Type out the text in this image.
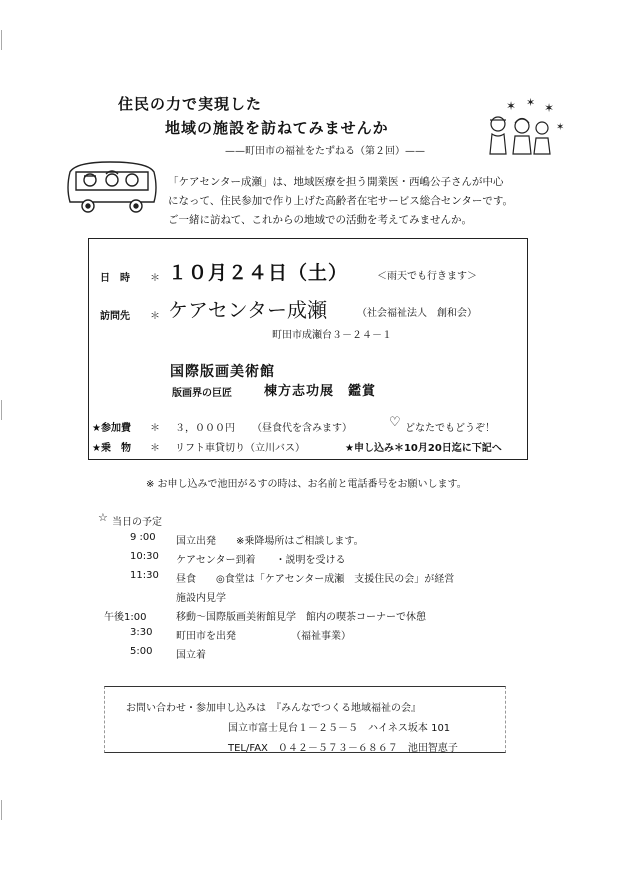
住民の力で実現した
地域の施設を訪ねてみませんか
——町田市の福祉をたずねる（第２回）——
✶ ✶ ✶
✶
「ケアセンター成瀬」は、地域医療を担う開業医・西嶋公子さんが中心
になって、住民参加で作り上げた高齢者在宅サービス総合センターです。
ご一緒に訪ねて、これからの地域での活動を考えてみませんか。
日　時 ＊ １０月２４日（土）	＜雨天でも行きます＞
訪問先 ＊ ケアセンター成瀬	（社会福祉法人　創和会）
町田市成瀬台３－２４－１
国際版画美術館
版画界の巨匠 棟方志功展　鑑賞
★参加費 ＊ ３，０００円 （昼食代を含みます）	♡ どなたでもどうぞ！
★乗　物 ＊ リフト車貸切り（立川バス）	★申し込み＊10月20日迄に下記へ
※ お申し込みで池田がるすの時は、お名前と電話番号をお願いします。
☆ 当日の予定
9 :00 国立出発　　※乗降場所はご相談します。
10:30 ケアセンター到着　　・説明を受ける
11:30 昼食　　◎食堂は「ケアセンター成瀬　支援住民の会」が経営
施設内見学
午後1:00	移動～国際版画美術館見学　館内の喫茶コーナーで休憩
3:30 町田市を出発　　　　　　（福祉事業）
5:00 国立着
お問い合わせ・参加申し込みは　『みんなでつくる地域福祉の会』
国立市富士見台１－２５－５　ハイネス坂本 101
TEL/FAX　０４２－５７３－６８６７　池田智恵子
